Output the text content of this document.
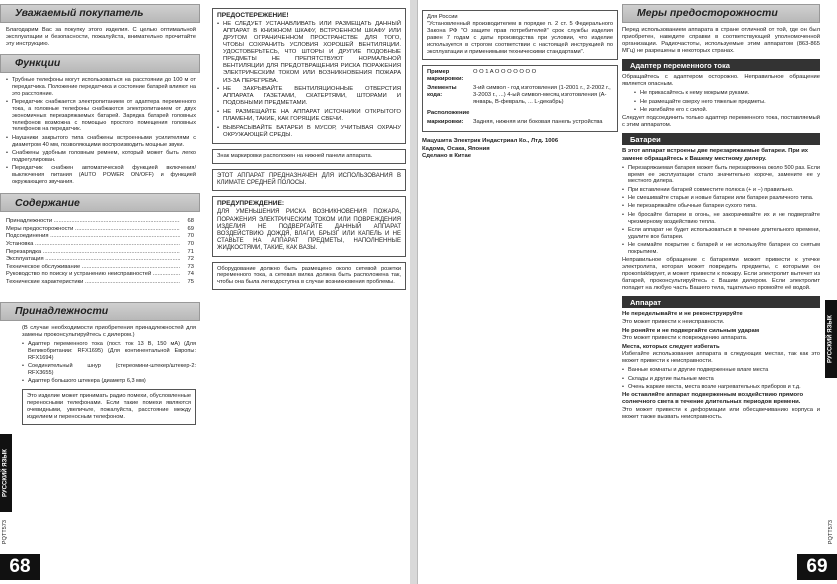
Уважаемый покупатель

Благодарим Вас за покупку этого изделия. С целью оптимальной эксплуатации и безопасности, пожалуйста, внимательно прочитайте эту инструкцию.

Функции
• Трубные телефоны могут использоваться на расстоянии до 100 м от передатчика. Положение передатчика и состояние батарей влияют на это расстояние.
• Передатчик снабжается электропитанием от адаптера переменного тока, а головные телефоны снабжаются электропитанием от двух экономичных перезаряжаемых батарей. Зарядка батарей головных телефонов возможна с помощью простого помещения головных телефонов на передатчик.
• Наушники закрытого типа снабжены встроенными усилителями с диаметром 40 мм, позволяющими воспроизводить мощные звуки.
• Снабжены удобным головным ремнем, который может быть легко подрегулирован.
• Передатчик снабжен автоматической функцией включения/выключения питания (AUTO POWER ON/OFF) и функцией окружающего звучания.
Содержание
Принадлежности .....	68
Меры предосторожности .....	69
Подсоединения .....	70
Установка .....	70
Перезарядка .....	71
Эксплуатация .....	72
Техническое обслуживание .....	73
Руководство по поиску и устранению неисправностей .....	74
Технические характеристики .....	75
Принадлежности

(В случае необходимости приобретения принадлежностей для замены проконсультируйтесь с дилером.)

• Адаптер переменного тока (пост. ток 13 В, 150 мА) (Для Великобритании: RFX1695) (Для континентальной Европы: RFX1694)
• Соединительный шнур (стереомини-штекер/штекер-2: RFX3655)
• Адаптер большого штекера (диаметр 6,3 мм)

Это изделие может принимать радио помехи, обусловленные переносными телефонами. Если такие помехи являются очевидными, увеличьте, пожалуйста, расстояние между изделием и переносным телефоном.

ПРЕДОСТЕРЕЖЕНИЕ!
• НЕ СЛЕДУЕТ УСТАНАВЛИВАТЬ ИЛИ РАЗМЕЩАТЬ ДАННЫЙ АППАРАТ В КНИЖНОМ ШКАФУ, ВСТРОЕННОМ ШКАФУ ИЛИ ДРУГОМ ОГРАНИЧЕННОМ ПРОСТРАНСТВЕ ДЛЯ ТОГО, ЧТОБЫ СОХРАНИТЬ УСЛОВИЯ ХОРОШЕЙ ВЕНТИЛЯЦИИ. УДОСТОВЕРЬТЕСЬ, ЧТО ШТОРЫ И ДРУГИЕ ПОДОБНЫЕ ПРЕДМЕТЫ НЕ ПРЕПЯТСТВУЮТ НОРМАЛЬНОЙ ВЕНТИЛЯЦИИ ДЛЯ ПРЕДОТВРАЩЕНИЯ РИСКА ПОРАЖЕНИЯ ЭЛЕКТРИЧЕСКИМ ТОКОМ ИЛИ ВОЗНИКНОВЕНИЯ ПОЖАРА ИЗ-ЗА ПЕРЕГРЕВА.
• НЕ ЗАКРЫВАЙТЕ ВЕНТИЛЯЦИОННЫЕ ОТВЕРСТИЯ АППАРАТА ГАЗЕТАМИ, СКАТЕРТЯМИ, ШТОРАМИ И ПОДОБНЫМИ ПРЕДМЕТАМИ.
• НЕ РАЗМЕЩАЙТЕ НА АППАРАТ ИСТОЧНИКИ ОТКРЫТОГО ПЛАМЕНИ, ТАКИЕ, КАК ГОРЯЩИЕ СВЕЧИ.
• ВЫБРАСЫВАЙТЕ БАТАРЕИ В МУСОР, УЧИТЫВАЯ ОХРАНУ ОКРУЖАЮЩЕЙ СРЕДЫ.

Знак маркировки расположен на нижней панели аппарата.

ЭТОТ АППАРАТ ПРЕДНАЗНАЧЕН ДЛЯ ИСПОЛЬЗОВАНИЯ В КЛИМАТЕ СРЕДНЕЙ ПОЛОСЫ.

ПРЕДУПРЕЖДЕНИЕ:

ДЛЯ УМЕНЬШЕНИЯ РИСКА ВОЗНИКНОВЕНИЯ ПОЖАРА, ПОРАЖЕНИЯ ЭЛЕКТРИЧЕСКИМ ТОКОМ ИЛИ ПОВРЕЖДЕНИЯ ИЗДЕЛИЯ НЕ ПОДВЕРГАЙТЕ ДАННЫЙ АППАРАТ ВОЗДЕЙСТВИЮ ДОЖДЯ, ВЛАГИ, БРЫЗГ ИЛИ КАПЕЛЬ И НЕ СТАВЬТЕ НА АППАРАТ ПРЕДМЕТЫ, НАПОЛНЕННЫЕ ЖИДКОСТЯМИ, ТАКИЕ, КАК ВАЗЫ.

Оборудование должно быть размещено около сетевой розетки переменного тока, а сетевая вилка должна быть расположена так, чтобы она была легкодоступна в случае возникновения проблемы.

РУССКИЙ ЯЗЫК
PQTT573
68
Для России

"Установленный производителем в порядке п. 2 ст. 5 Федерального Закона РФ "О защите прав потребителей" срок службы изделия равен 7 годам с даты производства при условии, что изделие используется в строгом соответствии с настоящей инструкцией по эксплуатации и применимыми техническими стандартами".

Пример маркировки:
O O 1 A O O O O O O O
Элементы кода:
3-ий символ - год изготовления (1-2001 г., 2-2002 г., 3-2003 г., ...) 4-ый символ-месяц изготовления (А-январь, В-февраль, ... L-декабрь)
Расположение
маркировки:	Задняя, нижняя или боковая панель устройства
Мацушита Электрик Индастриал Ко., Лтд. 1006
Кадома, Осака, Япония
Сделано в Китае
Меры предосторожности

Перед использованием аппарата в стране отличной от той, где он был приобретен, наведите справки в соответствующей уполномоченной организации. Радиочастоты, используемые этим аппаратом (863-865 МГц) не разрешены в некоторых странах.

Адаптер переменного тока

Обращайтесь с адаптером осторожно. Неправильное обращение является опасным.

• Не прикасайтесь к нему мокрыми руками.
• Не размещайте сверху него тяжелые предметы.
• Не изгибайте его с силой.

Следует подсоединить только адаптер переменного тока, поставляемый с этим аппаратом.

Батареи

В этот аппарат встроены две перезаряжаемые батареи. При их замене обращайтесь к Вашему местному дилеру.

• Перезаряжаемая батарея может быть перезаряжена около 500 раз. Если время ее эксплуатации стало значительно короче, замените ее у местного дилера.
• При вставлении батарей совместите полюса (+ и −) правильно.
• Не смешивайте старые и новые батареи или батареи различного типа.
• Не перезаряжайте обычные батареи сухого типа.
• Не бросайте батареи в огонь, не закорачивайте их и не подвергайте чрезмерному воздействию тепла.
• Если аппарат не будет использоваться в течение длительного времени, удалите все батареи.
• Не снимайте покрытие с батарей и не используйте батареи со снятым покрытием.

Неправильное обращение с батареями может привести к утечке электролита, которая может повредить предметы, с которыми он прокontaktирует, и может привести к пожару. Если электролит вытечет из батарей, проконсультируйтесь с Вашим дилером. Если электролит попадет на любую часть Вашего тела, тщательно промойте её водой.

Аппарат
Не переделывайте и не реконструируйте

Это может привести к неисправности.

Не роняйте и не подвергайте сильным ударам

Это может привести к повреждению аппарата.

Места, которых следует избегать

Избегайте использования аппарата в следующих местах, так как это может привести к неисправности.

• Ванные комнаты и другие подверженные влаге места
• Склады и другие пыльные места
• Очень жаркие места, места возле нагревательных приборов и т.д.
Не оставляйте аппарат подверженным воздействию прямого солнечного света в течение длительных периодов времени.

Это может привести к деформации или обесцвечиванию корпуса и может также вызвать неисправность.

РУССКИЙ ЯЗЫК
PQTT573
69
